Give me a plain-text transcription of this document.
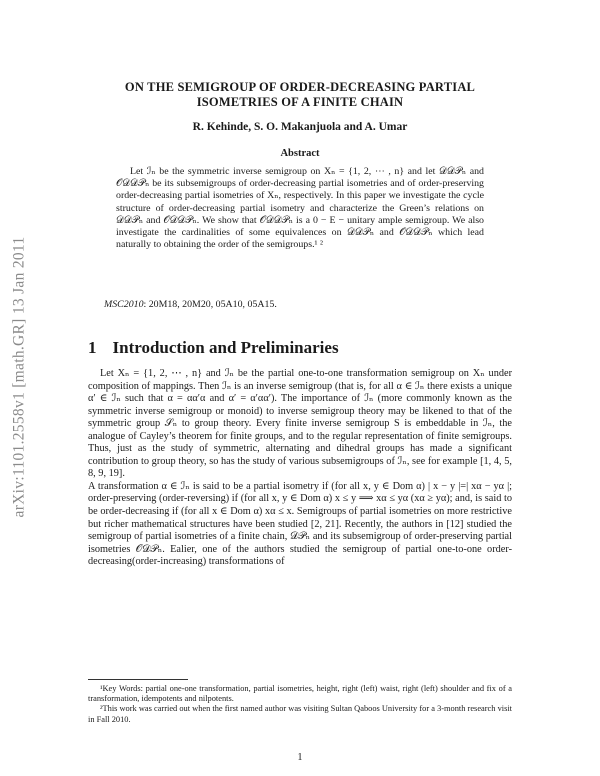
arXiv:1101.2558v1 [math.GR] 13 Jan 2011
ON THE SEMIGROUP OF ORDER-DECREASING PARTIAL
ISOMETRIES OF A FINITE CHAIN
R. Kehinde, S. O. Makanjuola and A. Umar
Abstract
Let ℐₙ be the symmetric inverse semigroup on Xₙ = {1, 2, ⋯ , n} and let 𝒟𝒟𝒫ₙ and 𝒪𝒟𝒟𝒫ₙ be its subsemigroups of order-decreasing partial isometries and of order-preserving order-decreasing partial isometries of Xₙ, respectively. In this paper we investigate the cycle structure of order-decreasing partial isometry and characterize the Green’s relations on 𝒟𝒟𝒫ₙ and 𝒪𝒟𝒟𝒫ₙ. We show that 𝒪𝒟𝒟𝒫ₙ is a 0 − E − unitary ample semigroup. We also investigate the cardinalities of some equivalences on 𝒟𝒟𝒫ₙ and 𝒪𝒟𝒟𝒫ₙ which lead naturally to obtaining the order of the semigroups.¹ ²
MSC2010: 20M18, 20M20, 05A10, 05A15.
1 Introduction and Preliminaries

Let Xₙ = {1, 2, ⋯ , n} and ℐₙ be the partial one-to-one transformation semigroup on Xₙ under composition of mappings. Then ℐₙ is an inverse semigroup (that is, for all α ∈ ℐₙ there exists a unique α′ ∈ ℐₙ such that α = αα′α and α′ = α′αα′). The importance of ℐₙ (more commonly known as the symmetric inverse semigroup or monoid) to inverse semigroup theory may be likened to that of the symmetric group 𝒮ₙ to group theory. Every finite inverse semigroup S is embeddable in ℐₙ, the analogue of Cayley’s theorem for finite groups, and to the regular representation of finite semigroups. Thus, just as the study of symmetric, alternating and dihedral groups has made a significant contribution to group theory, so has the study of various subsemigroups of ℐₙ, see for example [1, 4, 5, 8, 9, 19].

A transformation α ∈ ℐₙ is said to be a partial isometry if (for all x, y ∈ Dom α) | x − y |=| xα − yα |; order-preserving (order-reversing) if (for all x, y ∈ Dom α) x ≤ y ⟹ xα ≤ yα (xα ≥ yα); and, is said to be order-decreasing if (for all x ∈ Dom α) xα ≤ x. Semigroups of partial isometries on more restrictive but richer mathematical structures have been studied [2, 21]. Recently, the authors in [12] studied the semigroup of partial isometries of a finite chain, 𝒟𝒫ₙ and its subsemigroup of order-preserving partial isometries 𝒪𝒟𝒫ₙ. Ealier, one of the authors studied the semigroup of partial one-to-one order-decreasing(order-increasing) transformations of

¹Key Words: partial one-one transformation, partial isometries, height, right (left) waist, right (left) shoulder and fix of a transformation, idempotents and nilpotents.

²This work was carried out when the first named author was visiting Sultan Qaboos University for a 3-month research visit in Fall 2010.

1
